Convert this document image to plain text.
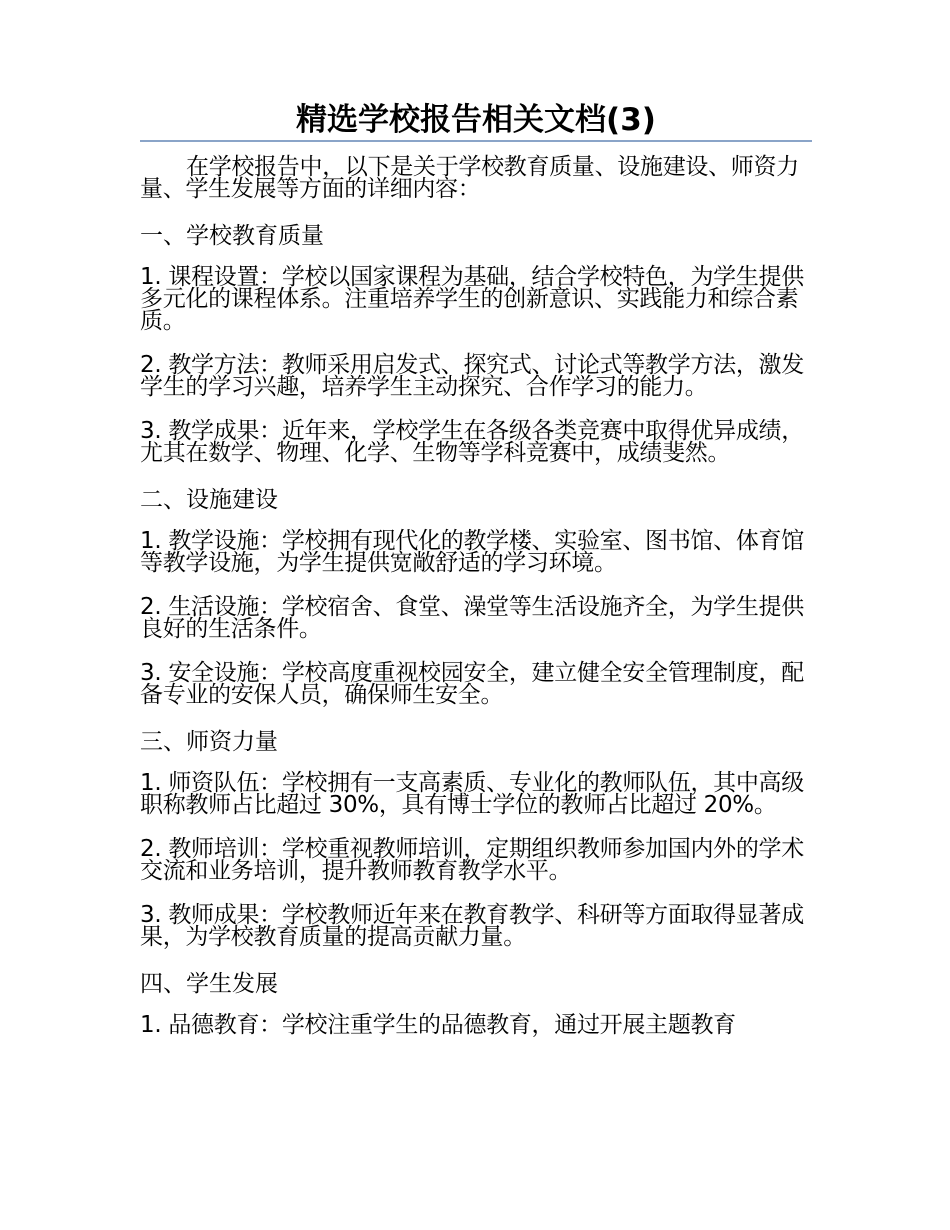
精选学校报告相关文档(3)

在学校报告中，以下是关于学校教育质量、设施建设、师资力量、学生发展等方面的详细内容：

一、学校教育质量

1. 课程设置：学校以国家课程为基础，结合学校特色，为学生提供多元化的课程体系。注重培养学生的创新意识、实践能力和综合素质。

2. 教学方法：教师采用启发式、探究式、讨论式等教学方法，激发学生的学习兴趣，培养学生主动探究、合作学习的能力。

3. 教学成果：近年来，学校学生在各级各类竞赛中取得优异成绩，尤其在数学、物理、化学、生物等学科竞赛中，成绩斐然。

二、设施建设

1. 教学设施：学校拥有现代化的教学楼、实验室、图书馆、体育馆等教学设施，为学生提供宽敞舒适的学习环境。

2. 生活设施：学校宿舍、食堂、澡堂等生活设施齐全，为学生提供良好的生活条件。

3. 安全设施：学校高度重视校园安全，建立健全安全管理制度，配备专业的安保人员，确保师生安全。

三、师资力量

1. 师资队伍：学校拥有一支高素质、专业化的教师队伍，其中高级职称教师占比超过 30%，具有博士学位的教师占比超过 20%。

2. 教师培训：学校重视教师培训，定期组织教师参加国内外的学术交流和业务培训，提升教师教育教学水平。

3. 教师成果：学校教师近年来在教育教学、科研等方面取得显著成果，为学校教育质量的提高贡献力量。

四、学生发展

1. 品德教育：学校注重学生的品德教育，通过开展主题教育
